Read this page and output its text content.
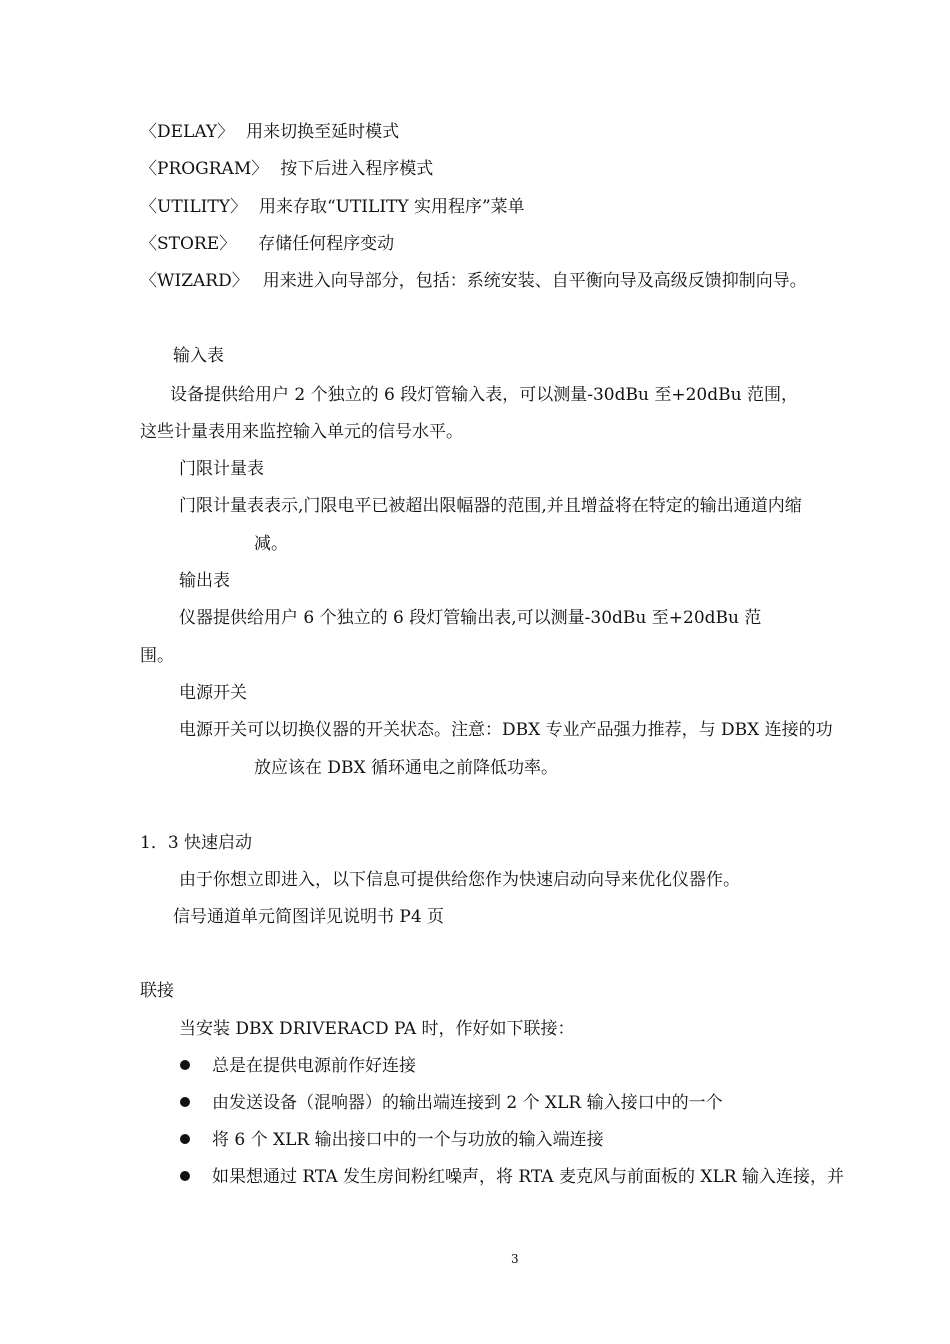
〈DELAY〉 用来切换至延时模式
〈PROGRAM〉 按下后进入程序模式
〈UTILITY〉 用来存取“UTILITY 实用程序”菜单
〈STORE〉 存储任何程序变动
〈WIZARD〉 用来进入向导部分，包括：系统安装、自平衡向导及高级反馈抑制向导。
输入表
设备提供给用户 2 个独立的 6 段灯管输入表，可以测量-30dBu 至+20dBu 范围，
这些计量表用来监控输入单元的信号水平。
门限计量表
门限计量表表示,门限电平已被超出限幅器的范围,并且增益将在特定的输出通道内缩
减。
输出表
仪器提供给用户 6 个独立的 6 段灯管输出表,可以测量-30dBu 至+20dBu 范
围。
电源开关
电源开关可以切换仪器的开关状态。注意：DBX 专业产品强力推荐，与 DBX 连接的功
放应该在 DBX 循环通电之前降低功率。
1．3 快速启动
由于你想立即进入，以下信息可提供给您作为快速启动向导来优化仪器作。
信号通道单元简图详见说明书 P4 页
联接
当安装 DBX DRIVERACD PA 时，作好如下联接：
总是在提供电源前作好连接
由发送设备（混响器）的输出端连接到 2 个 XLR 输入接口中的一个
将 6 个 XLR 输出接口中的一个与功放的输入端连接
如果想通过 RTA 发生房间粉红噪声，将 RTA 麦克风与前面板的 XLR 输入连接，并
3
